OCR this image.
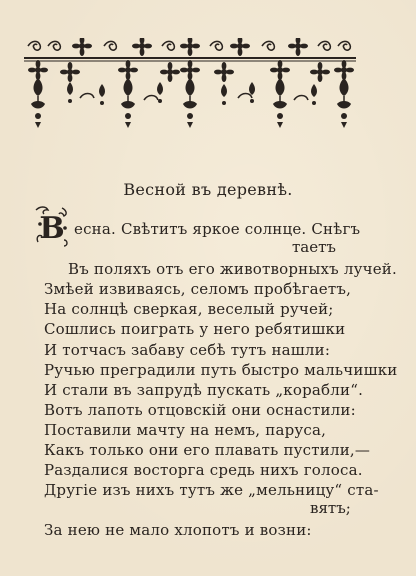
Весной въ деревнѣ.
В есна. Свѣтитъ яркое солнце. Снѣгъ
таетъ
Въ поляхъ отъ его животворныхъ лучей.
Змѣей извиваясь, селомъ пробѣгаетъ,
На солнцѣ сверкая, веселый ручей;
Сошлись поиграть у него ребятишки
И тотчасъ забаву себѣ тутъ нашли:
Ручью преградили путь быстро мальчишки
И стали въ запрудѣ пускать „корабли“.
Вотъ лапоть отцовскій они оснастили:
Поставили мачту на немъ, паруса,
Какъ только они его плавать пустили,—
Раздалися восторга средь нихъ голоса.
Другіе изъ нихъ тутъ же „мельницу“ ста-
вятъ;
За нею не мало хлопотъ и возни:
